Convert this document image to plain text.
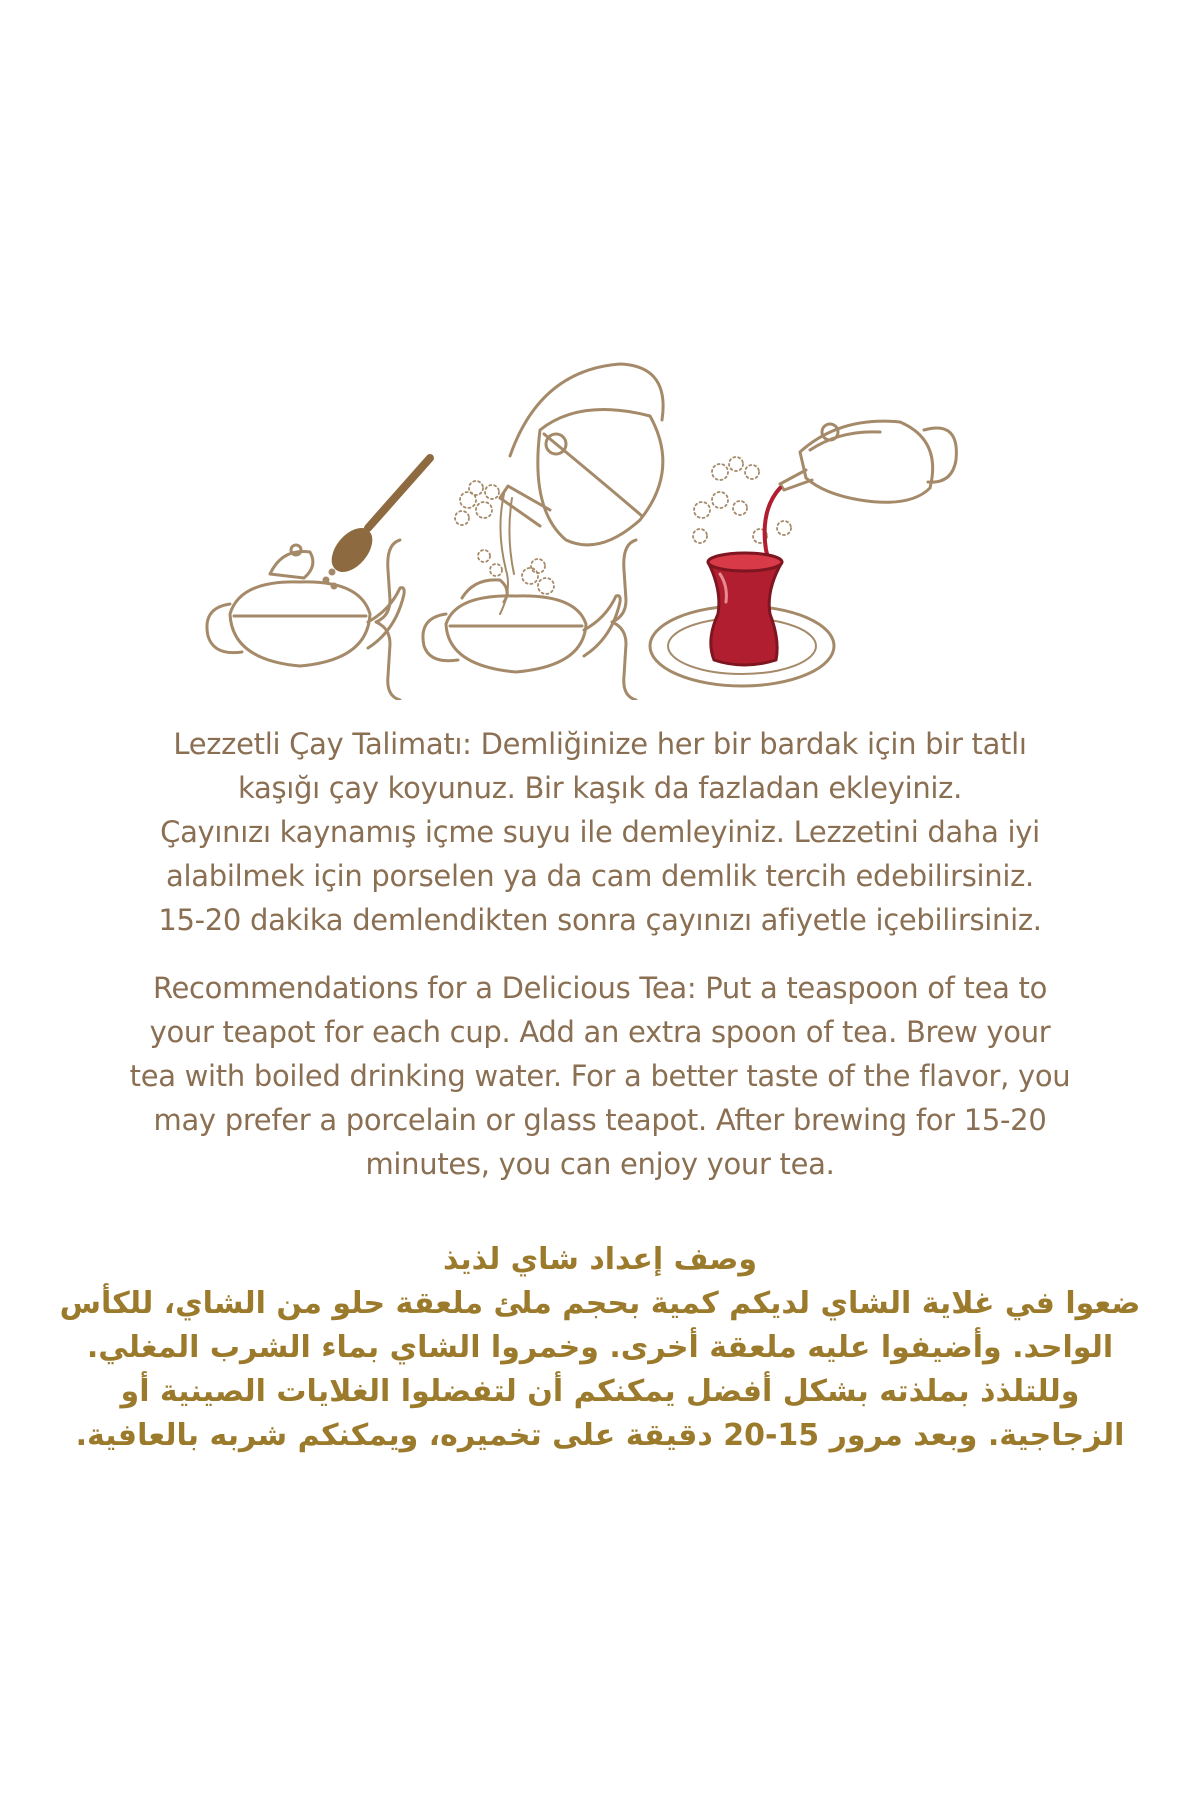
Lezzetli Çay Talimatı: Demliğinize her bir bardak için bir tatlı
kaşığı çay koyunuz. Bir kaşık da fazladan ekleyiniz.
Çayınızı kaynamış içme suyu ile demleyiniz. Lezzetini daha iyi
alabilmek için porselen ya da cam demlik tercih edebilirsiniz.
15-20 dakika demlendikten sonra çayınızı afiyetle içebilirsiniz.
Recommendations for a Delicious Tea: Put a teaspoon of tea to
your teapot for each cup. Add an extra spoon of tea. Brew your
tea with boiled drinking water. For a better taste of the flavor, you
may prefer a porcelain or glass teapot. After brewing for 15-20
minutes, you can enjoy your tea.
وصف إعداد شاي لذيذ
ضعوا في غلاية الشاي لديكم كمية بحجم ملئ ملعقة حلو من الشاي، للكأس
الواحد. وأضيفوا عليه ملعقة أخرى. وخمروا الشاي بماء الشرب المغلي.
وللتلذذ بملذته بشكل أفضل يمكنكم أن لتفضلوا الغلايات الصينية أو
الزجاجية. وبعد مرور 15-20 دقيقة على تخميره، ويمكنكم شربه بالعافية.
